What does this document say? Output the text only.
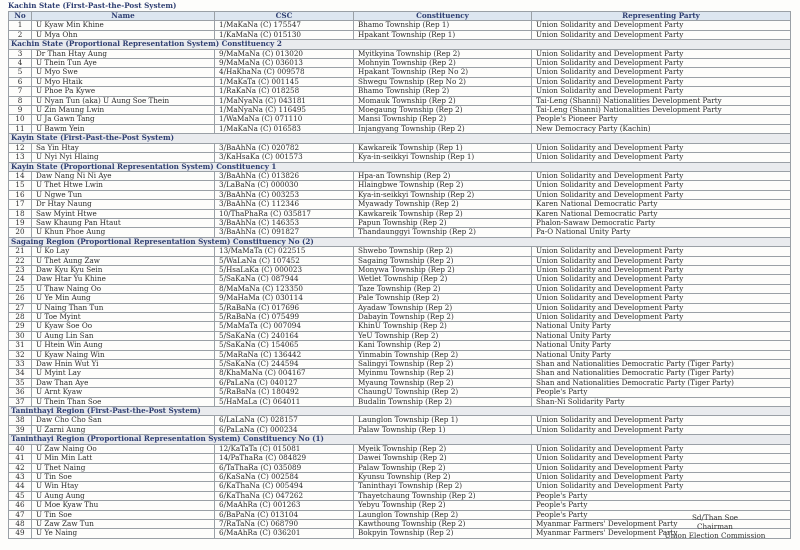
Kachin State (First-Past-the-Post System)
No	Name	CSC	Constituency	Representing Party
1	U Kyaw Min Khine	1/MaKaNa (C) 175547	Bhamo Township (Rep 1)	Union Solidarity and Development Party
2	U Mya Ohn	1/KaMaNa (C) 015130	Hpakant Township (Rep 1)	Union Solidarity and Development Party
Kachin State (Proportional Representation System) Constituency 2				
3	Dr Than Htay Aung	9/MaMaNa (C) 013020	Myitkyina Township (Rep 2)	Union Solidarity and Development Party
4	U Thein Tun Aye	9/MaMaNa (C) 036013	Mohnyin Township (Rep 2)	Union Solidarity and Development Party
5	U Myo Swe	4/HaKhaNa (C) 009578	Hpakant Township (Rep No 2)	Union Solidarity and Development Party
6	U Myo Htaik	1/MaKaTa (C) 001145	Shwegu Township (Rep No 2)	Union Solidarity and Development Party
7	U Phoe Pa Kywe	1/RaKaNa (C) 018258	Bhamo Township (Rep 2)	Union Solidarity and Development Party
8	U Nyan Tun (aka) U Aung Soe Thein	1/MaNyaNa (C) 043181	Momauk Township (Rep 2)	Tai-Leng (Shanni) Nationalities Development Party
9	U Zin Maung Lwin	1/MaNyaNa (C) 116495	Moegaung Township (Rep 2)	Tai-Leng (Shanni) Nationalities Development Party
10	U Ja Gawn Tang	1/WaMaNa (C) 071110	Mansi Township (Rep 2)	People's Pioneer Party
11	U Bawm Yein	1/MaKaNa (C) 016583	Injangyang Township (Rep 2)	New Democracy Party (Kachin)
Kayin State (First-Past-the-Post System)				
12	Sa Yin Htay	3/BaAhNa (C) 020782	Kawkareik Township (Rep 1)	Union Solidarity and Development Party
13	U Nyi Nyi Hlaing	3/KaHsaKa (C) 001573	Kya-in-seikkyi Township (Rep 1)	Union Solidarity and Development Party
Kayin State (Proportional Representation System) Constituency 1				
14	Daw Nang Ni Ni Aye	3/BaAhNa (C) 013826	Hpa-an Township (Rep 2)	Union Solidarity and Development Party
15	U Thet Htwe Lwin	3/LaBaNa (C) 000030	Hlaingbwe Township (Rep 2)	Union Solidarity and Development Party
16	U Ngwe Tun	3/BaAhNa (C) 003253	Kya-in-seikkyi Township (Rep 2)	Union Solidarity and Development Party
17	Dr Htay Naung	3/BaAhNa (C) 112346	Myawady Township (Rep 2)	Karen National Democratic Party
18	Saw Myint Htwe	10/ThaPhaRa (C) 035817	Kawkareik Township (Rep 2)	Karen National Democratic Party
19	Saw Khaung Pan Htaut	3/BaAhNa (C) 146353	Papun Township (Rep 2)	Phalon-Sawaw Democratic Party
20	U Khun Phoe Aung	3/BaAhNa (C) 091827	Thandaunggyi Township (Rep 2)	Pa-O National Unity Party
Sagaing Region (Proportional Representation System) Constituency No (2)				
21	U Ko Lay	13/MaMaTa (C) 022515	Shwebo Township (Rep 2)	Union Solidarity and Development Party
22	U Thet Aung Zaw	5/WaLaNa (C) 107452	Sagaing Township (Rep 2)	Union Solidarity and Development Party
23	Daw Kyu Kyu Sein	5/HsaLaKa (C) 000023	Monywa Township (Rep 2)	Union Solidarity and Development Party
24	Daw Htar Yu Khine	5/SaKaNa (C) 087944	Wetlet Township (Rep 2)	Union Solidarity and Development Party
25	U Thaw Naing Oo	8/MaMaNa (C) 123350	Taze Township (Rep 2)	Union Solidarity and Development Party
26	U Ye Min Aung	9/MaHaMa (C) 030114	Pale Township (Rep 2)	Union Solidarity and Development Party
27	U Naing Than Tun	5/RaBaNa (C) 017696	Ayadaw Township (Rep 2)	Union Solidarity and Development Party
28	U Toe Myint	5/RaBaNa (C) 075499	Dabayin Township (Rep 2)	Union Solidarity and Development Party
29	U Kyaw Soe Oo	5/MaMaTa (C) 007094	KhinU Township (Rep 2)	National Unity Party
30	U Aung Lin San	5/SaKaNa (C) 240164	YeU Township (Rep 2)	National Unity Party
31	U Htein Win Aung	5/SaKaNa (C) 154065	Kani Township (Rep 2)	National Unity Party
32	U Kyaw Naing Win	5/MaRaNa (C) 136442	Yinmabin Township (Rep 2)	National Unity Party
33	Daw Hnin Wut Yi	5/SaKaNa (C) 244594	Salingyi Township (Rep 2)	Shan and Nationalities Democratic Party (Tiger Party)
34	U Myint Lay	8/KhaMaNa (C) 004167	Myinmu Township (Rep 2)	Shan and Nationalities Democratic Party (Tiger Party)
35	Daw Than Aye	6/PaLaNa (C) 040127	Myaung Township (Rep 2)	Shan and Nationalities Democratic Party (Tiger Party)
36	U Arnt Kyaw	5/RaBaNa (C) 180492	ChaungU Township (Rep 2)	People's Party
37	U Thein Than Soe	5/HaMaLa (C) 064011	Budalin Township (Rep 2)	Shan-Ni Solidarity Party
Taninthayi Region (First-Past-the-Post System)				
38	Daw Cho Cho San	6/LaLaNa (C) 028157	Launglon Township (Rep 1)	Union Solidarity and Development Party
39	U Zarni Aung	6/PaLaNa (C) 000234	Palaw Township (Rep 1)	Union Solidarity and Development Party
Taninthayi Region (Proportional Representation System) Constituency No (1)				
40	U Zaw Naing Oo	12/KaTaTa (C) 015081	Myeik Township (Rep 2)	Union Solidarity and Development Party
41	U Min Min Latt	14/PaThaRa (C) 084829	Dawei Township (Rep 2)	Union Solidarity and Development Party
42	U Thet Naing	6/TaThaRa (C) 035089	Palaw Township (Rep 2)	Union Solidarity and Development Party
43	U Tin Soe	6/KaSaNa (C) 002584	Kyunsu Township (Rep 2)	Union Solidarity and Development Party
44	U Win Htay	6/KaThaNa (C) 005494	Taninthayi Township (Rep 2)	Union Solidarity and Development Party
45	U Aung Aung	6/KaThaNa (C) 047262	Thayetchaung Township (Rep 2)	People's Party
46	U Moe Kyaw Thu	6/MaAhRa (C) 001263	Yebyu Township (Rep 2)	People's Party
47	U Tin Soe	6/BaPaNa (C) 013104	Launglon Township (Rep 2)	People's Party
48	U Zaw Zaw Tun	7/RaTaNa (C) 068790	Kawthoung Township (Rep 2)	Myanmar Farmers' Development Party
49	U Ye Naing	6/MaAhRa (C) 036201	Bokpyin Township (Rep 2)	Myanmar Farmers' Development Party
Sd/Than Soe
Chairman
Union Election Commission
